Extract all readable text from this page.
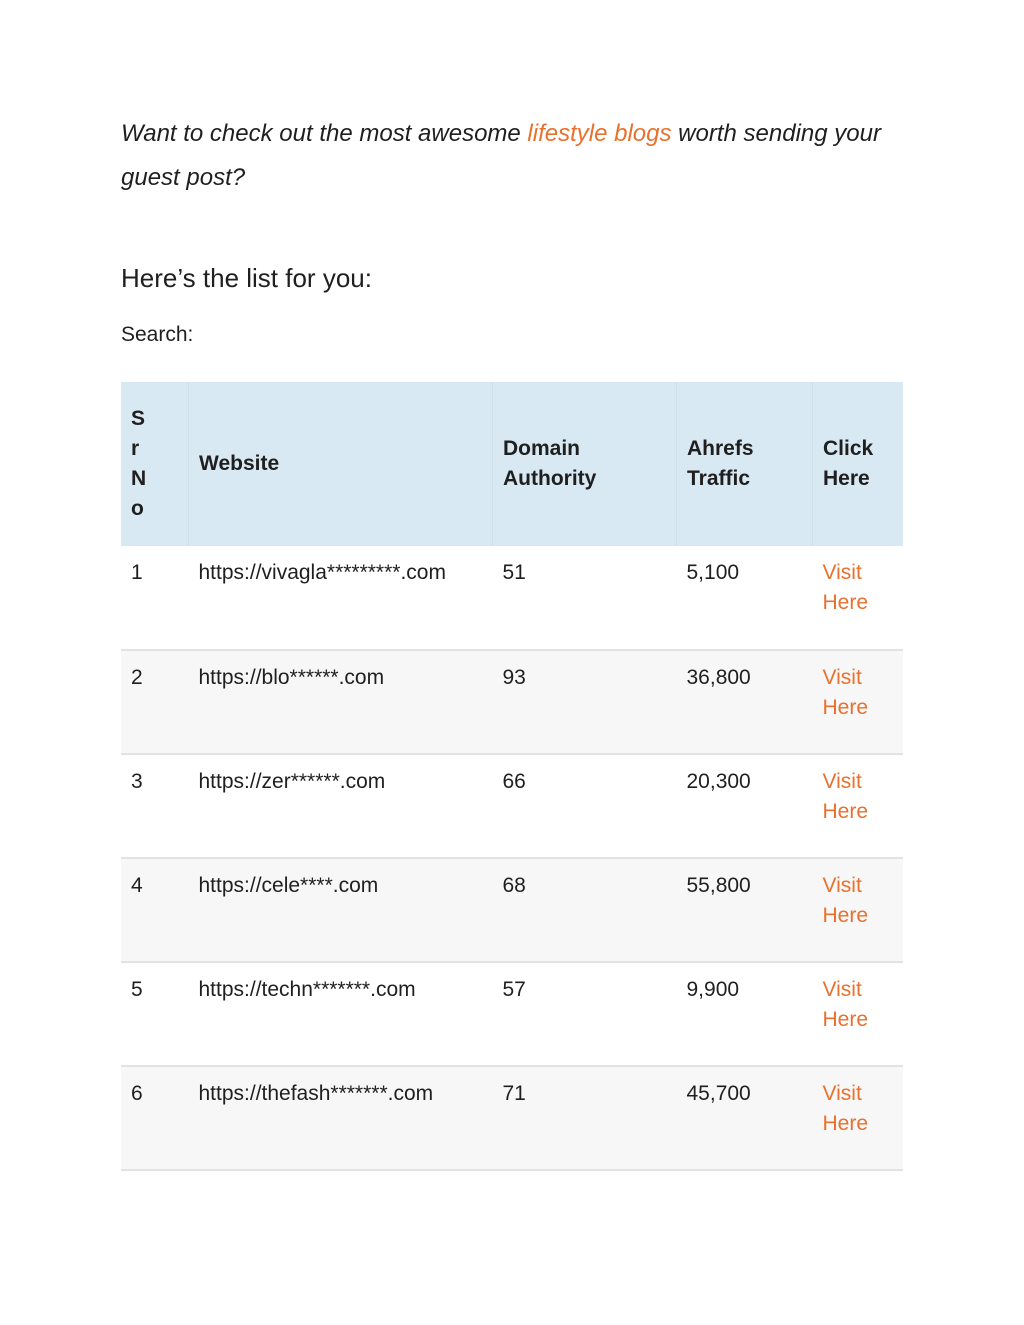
Want to check out the most awesome lifestyle blogs worth sending your guest post?

Here’s the list for you:
Search:
Sr No	Website	Domain Authority	Ahrefs Traffic	Click Here
1	https://vivagla*********.com	51	5,100	Visit Here

2	https://blo******.com	93	36,800	Visit Here

3	https://zer******.com	66	20,300	Visit Here

4	https://cele****.com	68	55,800	Visit Here

5	https://techn*******.com	57	9,900	Visit Here

6	https://thefash*******.com	71	45,700	Visit Here
